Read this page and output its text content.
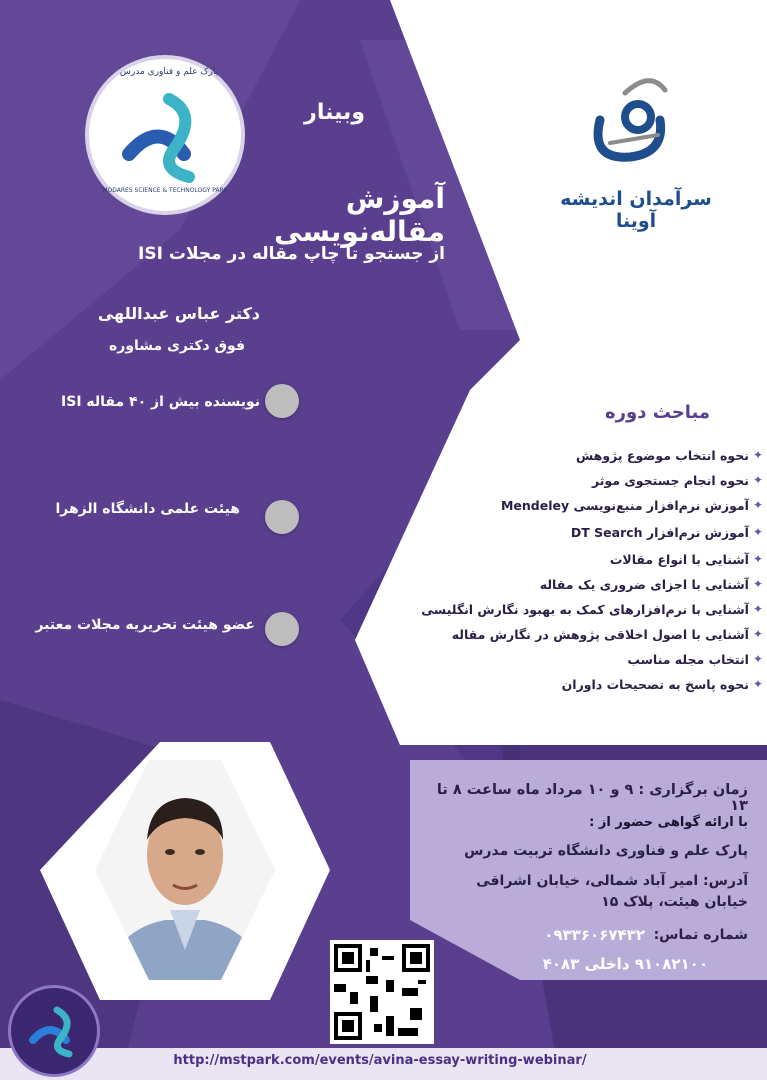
پارک علم و فناوری مدرس
MODARES SCIENCE & TECHNOLOGY PARK
وبینار
آموزش مقاله‌نویسی
از جستجو تا چاپ مقاله در مجلات ISI
دکتر عباس عبداللهی
فوق دکتری مشاوره
نویسنده بیش از ۴۰ مقاله ISI
هیئت علمی دانشگاه الزهرا
عضو هیئت تحریریه مجلات معتبر
سرآمدان اندیشه آوینا
مباحث دوره
✦
نحوه انتخاب موضوع پژوهش
✦
نحوه انجام جستجوی موثر
✦
آموزش نرم‌افزار منبع‌نویسی Mendeley
✦
آموزش نرم‌افزار DT Search
✦
آشنایی با انواع مقالات
✦
آشنایی با اجزای ضروری یک مقاله
✦
آشنایی با نرم‌افزارهای کمک به بهبود نگارش انگلیسی
✦
آشنایی با اصول اخلاقی پژوهش در نگارش مقاله
✦
انتخاب مجله مناسب
✦
نحوه پاسخ به تصحیحات داوران
زمان برگزاری : ۹ و ۱۰ مرداد ماه ساعت ۸ تا ۱۳
با ارائه گواهی حضور از :
پارک علم و فناوری دانشگاه تربیت مدرس
آدرس: امیر آباد شمالی، خیابان اشراقی
خیابان هیئت، پلاک ۱۵
شماره تماس:
۰۹۳۳۶۰۶۷۴۳۲
۹۱۰۸۲۱۰۰ داخلی ۴۰۸۳
http://mstpark.com/events/avina-essay-writing-webinar/
